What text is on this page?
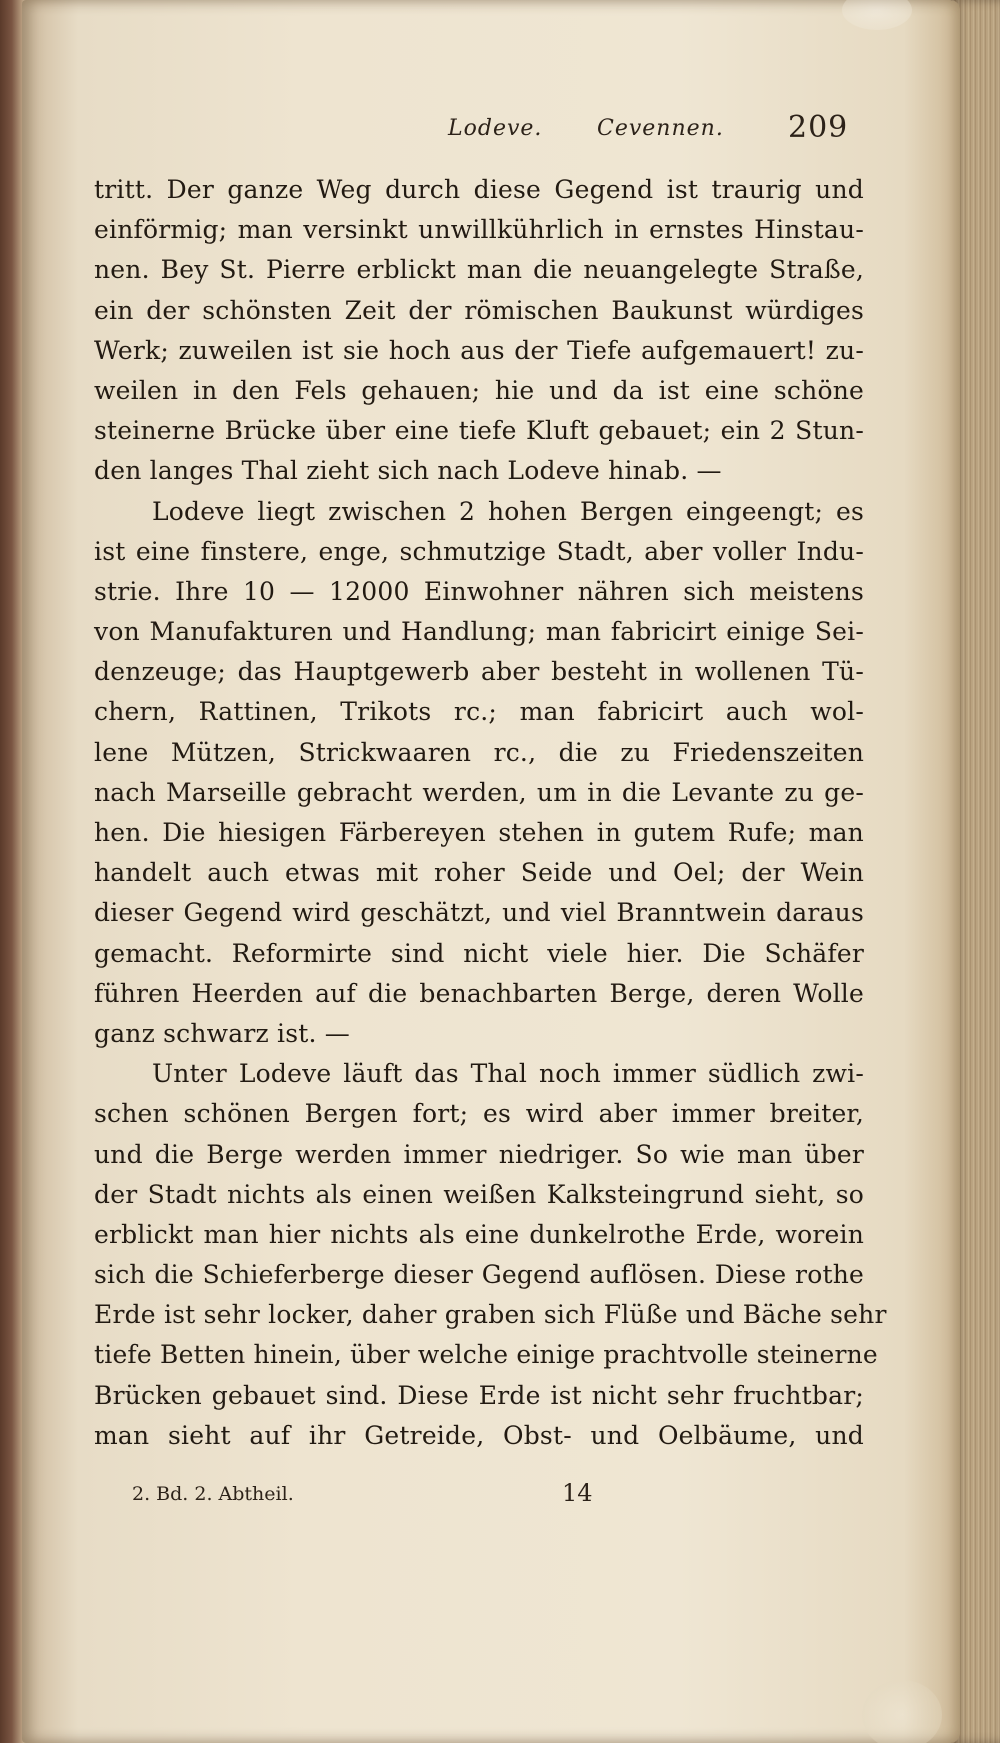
Lodeve. Cevennen. 209
tritt. Der ganze Weg durch diese Gegend ist traurig und
einförmig; man versinkt unwillkührlich in ernstes Hinstau-
nen. Bey St. Pierre erblickt man die neuangelegte Straße,
ein der schönsten Zeit der römischen Baukunst würdiges
Werk; zuweilen ist sie hoch aus der Tiefe aufgemauert! zu-
weilen in den Fels gehauen; hie und da ist eine schöne
steinerne Brücke über eine tiefe Kluft gebauet; ein 2 Stun-
den langes Thal zieht sich nach Lodeve hinab. —
Lodeve liegt zwischen 2 hohen Bergen eingeengt; es
ist eine finstere, enge, schmutzige Stadt, aber voller Indu-
strie. Ihre 10 — 12000 Einwohner nähren sich meistens
von Manufakturen und Handlung; man fabricirt einige Sei-
denzeuge; das Hauptgewerb aber besteht in wollenen Tü-
chern, Rattinen, Trikots rc.; man fabricirt auch wol-
lene Mützen, Strickwaaren rc., die zu Friedenszeiten
nach Marseille gebracht werden, um in die Levante zu ge-
hen. Die hiesigen Färbereyen stehen in gutem Rufe; man
handelt auch etwas mit roher Seide und Oel; der Wein
dieser Gegend wird geschätzt, und viel Branntwein daraus
gemacht. Reformirte sind nicht viele hier. Die Schäfer
führen Heerden auf die benachbarten Berge, deren Wolle
ganz schwarz ist. —
Unter Lodeve läuft das Thal noch immer südlich zwi-
schen schönen Bergen fort; es wird aber immer breiter,
und die Berge werden immer niedriger. So wie man über
der Stadt nichts als einen weißen Kalksteingrund sieht, so
erblickt man hier nichts als eine dunkelrothe Erde, worein
sich die Schieferberge dieser Gegend auflösen. Diese rothe
Erde ist sehr locker, daher graben sich Flüße und Bäche sehr
tiefe Betten hinein, über welche einige prachtvolle steinerne
Brücken gebauet sind. Diese Erde ist nicht sehr fruchtbar;
man sieht auf ihr Getreide, Obst- und Oelbäume, und
2. Bd. 2. Abtheil.	14
